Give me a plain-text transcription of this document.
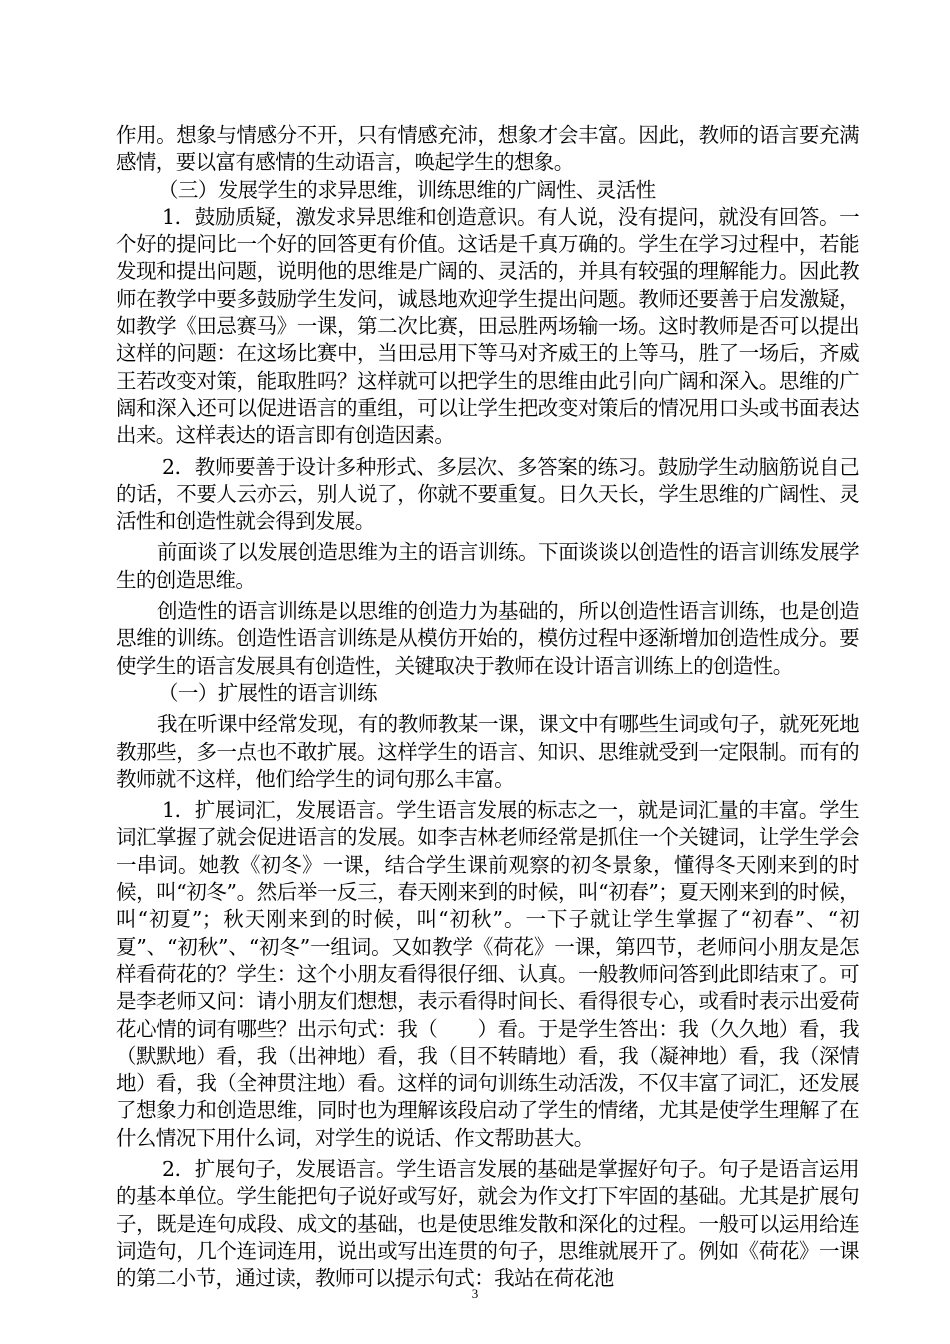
作用。想象与情感分不开，只有情感充沛，想象才会丰富。因此，教师的语言要充满感情，要以富有感情的生动语言，唤起学生的想象。

（三）发展学生的求异思维，训练思维的广阔性、灵活性

1．鼓励质疑，激发求异思维和创造意识。有人说，没有提问，就没有回答。一个好的提问比一个好的回答更有价值。这话是千真万确的。学生在学习过程中，若能发现和提出问题，说明他的思维是广阔的、灵活的，并具有较强的理解能力。因此教师在教学中要多鼓励学生发问，诚恳地欢迎学生提出问题。教师还要善于启发激疑，如教学《田忌赛马》一课，第二次比赛，田忌胜两场输一场。这时教师是否可以提出这样的问题：在这场比赛中，当田忌用下等马对齐威王的上等马，胜了一场后，齐威王若改变对策，能取胜吗？这样就可以把学生的思维由此引向广阔和深入。思维的广阔和深入还可以促进语言的重组，可以让学生把改变对策后的情况用口头或书面表达出来。这样表达的语言即有创造因素。

2．教师要善于设计多种形式、多层次、多答案的练习。鼓励学生动脑筋说自己的话，不要人云亦云，别人说了，你就不要重复。日久天长，学生思维的广阔性、灵活性和创造性就会得到发展。

前面谈了以发展创造思维为主的语言训练。下面谈谈以创造性的语言训练发展学生的创造思维。

创造性的语言训练是以思维的创造力为基础的，所以创造性语言训练，也是创造思维的训练。创造性语言训练是从模仿开始的，模仿过程中逐渐增加创造性成分。要使学生的语言发展具有创造性，关键取决于教师在设计语言训练上的创造性。

（一）扩展性的语言训练

我在听课中经常发现，有的教师教某一课，课文中有哪些生词或句子，就死死地教那些，多一点也不敢扩展。这样学生的语言、知识、思维就受到一定限制。而有的教师就不这样，他们给学生的词句那么丰富。

1．扩展词汇，发展语言。学生语言发展的标志之一，就是词汇量的丰富。学生词汇掌握了就会促进语言的发展。如李吉林老师经常是抓住一个关键词，让学生学会一串词。她教《初冬》一课，结合学生课前观察的初冬景象，懂得冬天刚来到的时候，叫“初冬”。然后举一反三，春天刚来到的时候，叫“初春”；夏天刚来到的时候，叫“初夏”；秋天刚来到的时候，叫“初秋”。一下子就让学生掌握了“初春”、“初夏”、“初秋”、“初冬”一组词。又如教学《荷花》一课，第四节，老师问小朋友是怎样看荷花的？学生：这个小朋友看得很仔细、认真。一般教师问答到此即结束了。可是李老师又问：请小朋友们想想，表示看得时间长、看得很专心，或看时表示出爱荷花心情的词有哪些？出示句式：我（　　）看。于是学生答出：我（久久地）看，我（默默地）看，我（出神地）看，我（目不转睛地）看，我（凝神地）看，我（深情地）看，我（全神贯注地）看。这样的词句训练生动活泼，不仅丰富了词汇，还发展了想象力和创造思维，同时也为理解该段启动了学生的情绪，尤其是使学生理解了在什么情况下用什么词，对学生的说话、作文帮助甚大。

2．扩展句子，发展语言。学生语言发展的基础是掌握好句子。句子是语言运用的基本单位。学生能把句子说好或写好，就会为作文打下牢固的基础。尤其是扩展句子，既是连句成段、成文的基础，也是使思维发散和深化的过程。一般可以运用给连词造句，几个连词连用，说出或写出连贯的句子，思维就展开了。例如《荷花》一课的第二小节，通过读，教师可以提示句式：我站在荷花池

3
